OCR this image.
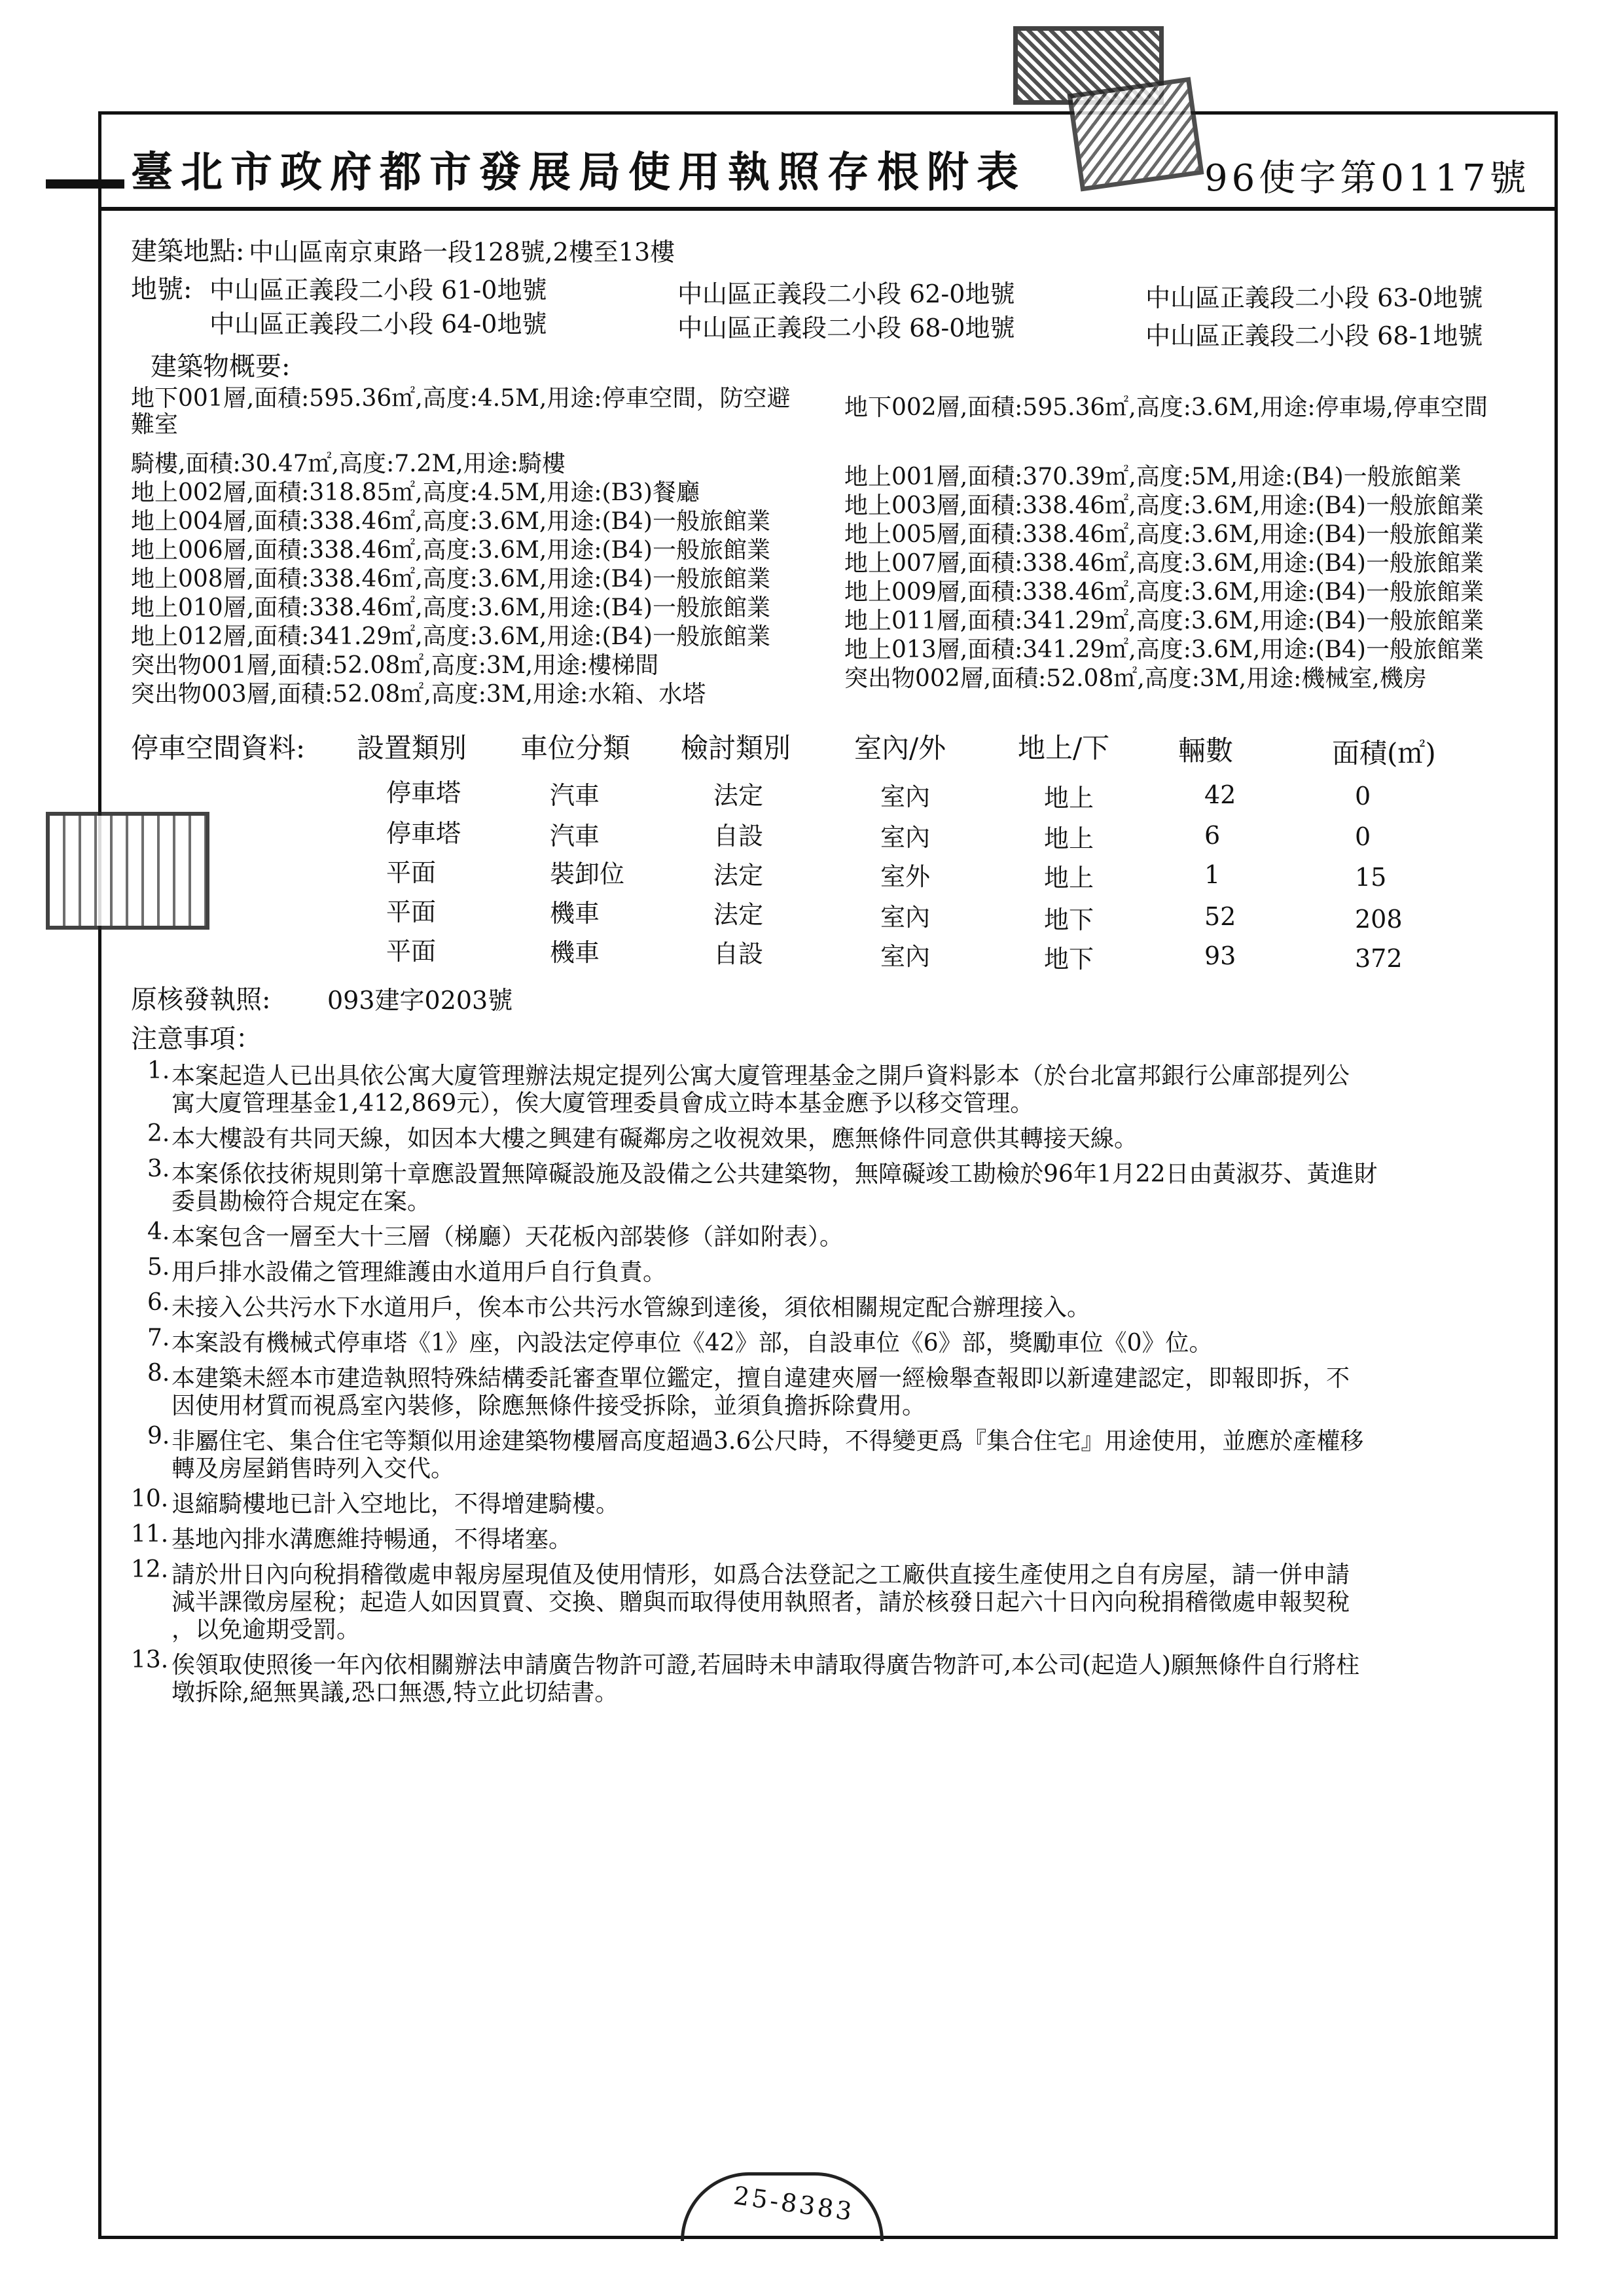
臺北市政府都市發展局使用執照存根附表	96使字第0117號
建築地點: 中山區南京東路一段128號,2樓至13樓
地號: 中山區正義段二小段 61-0地號	中山區正義段二小段 62-0地號	中山區正義段二小段 63-0地號
中山區正義段二小段 64-0地號	中山區正義段二小段 68-0地號	中山區正義段二小段 68-1地號
建築物概要:
地下001層,面積:595.36㎡,高度:4.5M,用途:停車空間，防空避 地下002層,面積:595.36㎡,高度:3.6M,用途:停車場,停車空間
難室
騎樓,面積:30.47㎡,高度:7.2M,用途:騎樓
地上002層,面積:318.85㎡,高度:4.5M,用途:(B3)餐廳
地上004層,面積:338.46㎡,高度:3.6M,用途:(B4)一般旅館業
地上006層,面積:338.46㎡,高度:3.6M,用途:(B4)一般旅館業
地上008層,面積:338.46㎡,高度:3.6M,用途:(B4)一般旅館業
地上010層,面積:338.46㎡,高度:3.6M,用途:(B4)一般旅館業
地上012層,面積:341.29㎡,高度:3.6M,用途:(B4)一般旅館業
突出物001層,面積:52.08㎡,高度:3M,用途:樓梯間
突出物003層,面積:52.08㎡,高度:3M,用途:水箱、水塔
地上001層,面積:370.39㎡,高度:5M,用途:(B4)一般旅館業
地上003層,面積:338.46㎡,高度:3.6M,用途:(B4)一般旅館業
地上005層,面積:338.46㎡,高度:3.6M,用途:(B4)一般旅館業
地上007層,面積:338.46㎡,高度:3.6M,用途:(B4)一般旅館業
地上009層,面積:338.46㎡,高度:3.6M,用途:(B4)一般旅館業
地上011層,面積:341.29㎡,高度:3.6M,用途:(B4)一般旅館業
地上013層,面積:341.29㎡,高度:3.6M,用途:(B4)一般旅館業
突出物002層,面積:52.08㎡,高度:3M,用途:機械室,機房
停車空間資料: 設置類別 車位分類 檢討類別 室內/外	地上/下 輛數	面積(㎡)
停車塔	汽車	法定	室內	地上	42	0
停車塔	汽車	自設	室內	地上	6	0
平面	裝卸位	法定	室外	地上	1	15
平面	機車	法定	室內	地下	52	208
平面	機車	自設	室內	地下	93	372
原核發執照: 093建字0203號
注意事項：
1. 本案起造人已出具依公寓大廈管理辦法規定提列公寓大廈管理基金之開戶資料影本（於台北富邦銀行公庫部提列公
寓大廈管理基金1,412,869元），俟大廈管理委員會成立時本基金應予以移交管理。
2. 本大樓設有共同天線，如因本大樓之興建有礙鄰房之收視效果，應無條件同意供其轉接天線。
3. 本案係依技術規則第十章應設置無障礙設施及設備之公共建築物，無障礙竣工勘檢於96年1月22日由黃淑芬、黃進財
委員勘檢符合規定在案。
4. 本案包含一層至大十三層（梯廳）天花板內部裝修（詳如附表）。
5. 用戶排水設備之管理維護由水道用戶自行負責。
6. 未接入公共污水下水道用戶，俟本市公共污水管線到達後，須依相關規定配合辦理接入。
7. 本案設有機械式停車塔《1》座，內設法定停車位《42》部，自設車位《6》部，獎勵車位《0》位。
8. 本建築未經本市建造執照特殊結構委託審查單位鑑定，擅自違建夾層一經檢舉查報即以新違建認定，即報即拆，不
因使用材質而視爲室內裝修，除應無條件接受拆除，並須負擔拆除費用。
9. 非屬住宅、集合住宅等類似用途建築物樓層高度超過3.6公尺時，不得變更爲『集合住宅』用途使用，並應於產權移
轉及房屋銷售時列入交代。
10. 退縮騎樓地已計入空地比，不得增建騎樓。
11. 基地內排水溝應維持暢通，不得堵塞。
12. 請於卅日內向稅捐稽徵處申報房屋現值及使用情形，如爲合法登記之工廠供直接生產使用之自有房屋，請一併申請
減半課徵房屋稅；起造人如因買賣、交換、贈與而取得使用執照者，請於核發日起六十日內向稅捐稽徵處申報契稅
，以免逾期受罰。
13. 俟領取使照後一年內依相關辦法申請廣告物許可證,若屆時未申請取得廣告物許可,本公司(起造人)願無條件自行將柱
墩拆除,絕無異議,恐口無憑,特立此切結書。
25-8383
